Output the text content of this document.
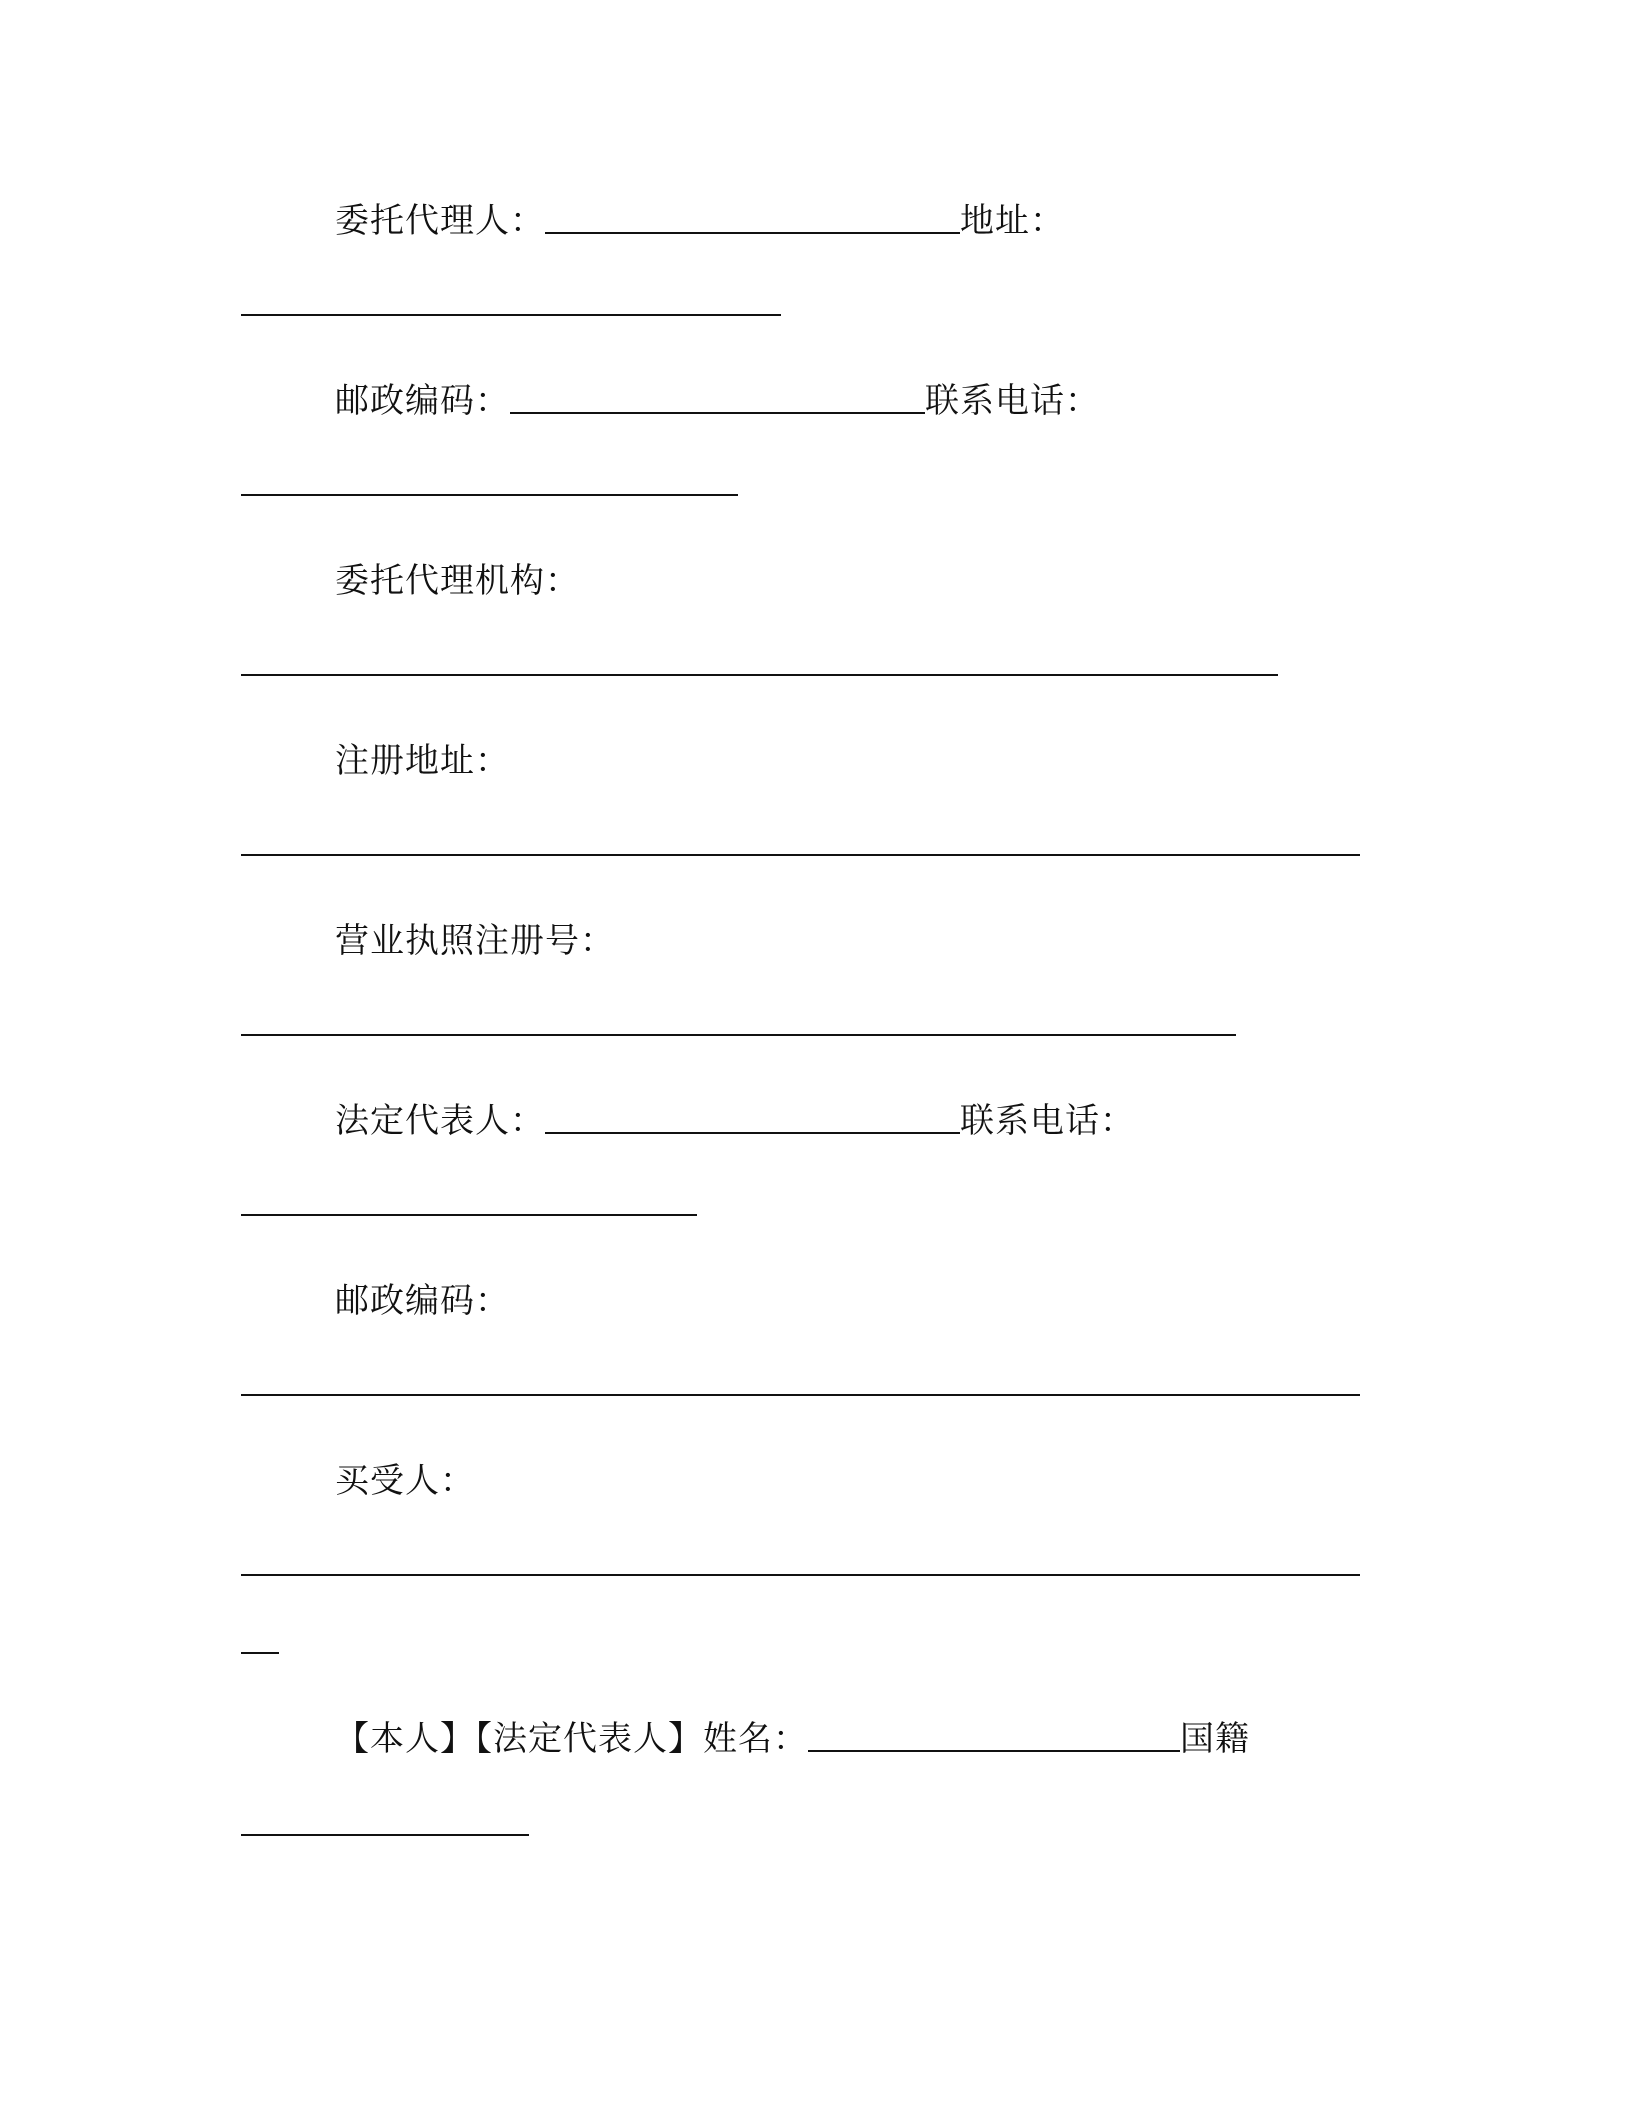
委托代理人：	地址：
邮政编码：	联系电话：
委托代理机构：
注册地址：
营业执照注册号：
法定代表人：	联系电话：
邮政编码：
买受人：
【本人】【法定代表人】姓名：	国籍
